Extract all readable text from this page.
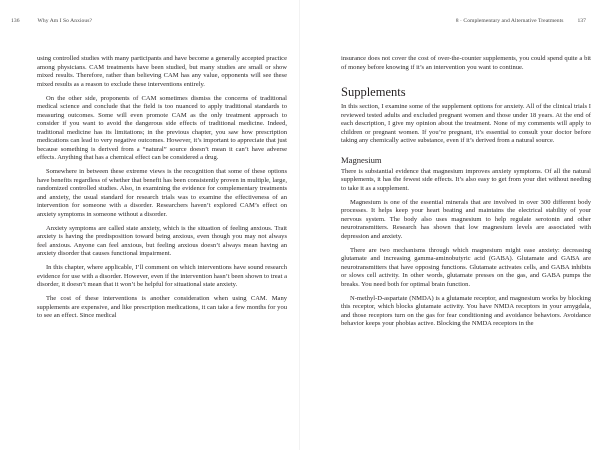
136	Why Am I So Anxious?

using controlled studies with many participants and have become a generally accepted practice among physicians. CAM treatments have been studied, but many studies are small or show mixed results. Therefore, rather than believing CAM has any value, opponents will see these mixed results as a reason to exclude these interventions entirely.

On the other side, proponents of CAM sometimes dismiss the concerns of traditional medical science and conclude that the field is too nuanced to apply traditional standards to measuring outcomes. Some will even promote CAM as the only treatment approach to consider if you want to avoid the dangerous side effects of traditional medicine. Indeed, traditional medicine has its limitations; in the previous chapter, you saw how prescription medications can lead to very negative outcomes. However, it’s important to appreciate that just because something is derived from a “natural” source doesn’t mean it can’t have adverse effects. Anything that has a chemical effect can be considered a drug.

Somewhere in between these extreme views is the recognition that some of these options have benefits regardless of whether that benefit has been consistently proven in multiple, large, randomized controlled studies. Also, in examining the evidence for complementary treatments and anxiety, the usual standard for research trials was to examine the effectiveness of an intervention for someone with a disorder. Researchers haven’t explored CAM’s effect on anxiety symptoms in someone without a disorder.

Anxiety symptoms are called state anxiety, which is the situation of feeling anxious. Trait anxiety is having the predisposition toward being anxious, even though you may not always feel anxious. Anyone can feel anxious, but feeling anxious doesn’t always mean having an anxiety disorder that causes functional impairment.

In this chapter, where applicable, I’ll comment on which interventions have sound research evidence for use with a disorder. However, even if the intervention hasn’t been shown to treat a disorder, it doesn’t mean that it won’t be helpful for situational state anxiety.

The cost of these interventions is another consideration when using CAM. Many supplements are expensive, and like prescription medications, it can take a few months for you to see an effect. Since medical

8 · Complementary and Alternative Treatments	137

insurance does not cover the cost of over-the-counter supplements, you could spend quite a bit of money before knowing if it’s an intervention you want to continue.

Supplements

In this section, I examine some of the supplement options for anxiety. All of the clinical trials I reviewed tested adults and excluded pregnant women and those under 18 years. At the end of each description, I give my opinion about the treatment. None of my comments will apply to children or pregnant women. If you’re pregnant, it’s essential to consult your doctor before taking any chemically active substance, even if it’s derived from a natural source.

Magnesium

There is substantial evidence that magnesium improves anxiety symptoms. Of all the natural supplements, it has the fewest side effects. It’s also easy to get from your diet without needing to take it as a supplement.

Magnesium is one of the essential minerals that are involved in over 300 different body processes. It helps keep your heart beating and maintains the electrical stability of your nervous system. The body also uses magnesium to help regulate serotonin and other neurotransmitters. Research has shown that low magnesium levels are associated with depression and anxiety.

There are two mechanisms through which magnesium might ease anxiety: decreasing glutamate and increasing gamma-aminobutyric acid (GABA). Glutamate and GABA are neurotransmitters that have opposing functions. Glutamate activates cells, and GABA inhibits or slows cell activity. In other words, glutamate presses on the gas, and GABA pumps the breaks. You need both for optimal brain function.

N-methyl-D-aspartate (NMDA) is a glutamate receptor, and magnesium works by blocking this receptor, which blocks glutamate activity. You have NMDA receptors in your amygdala, and those receptors turn on the gas for fear conditioning and avoidance behaviors. Avoidance behavior keeps your phobias active. Blocking the NMDA receptors in the
